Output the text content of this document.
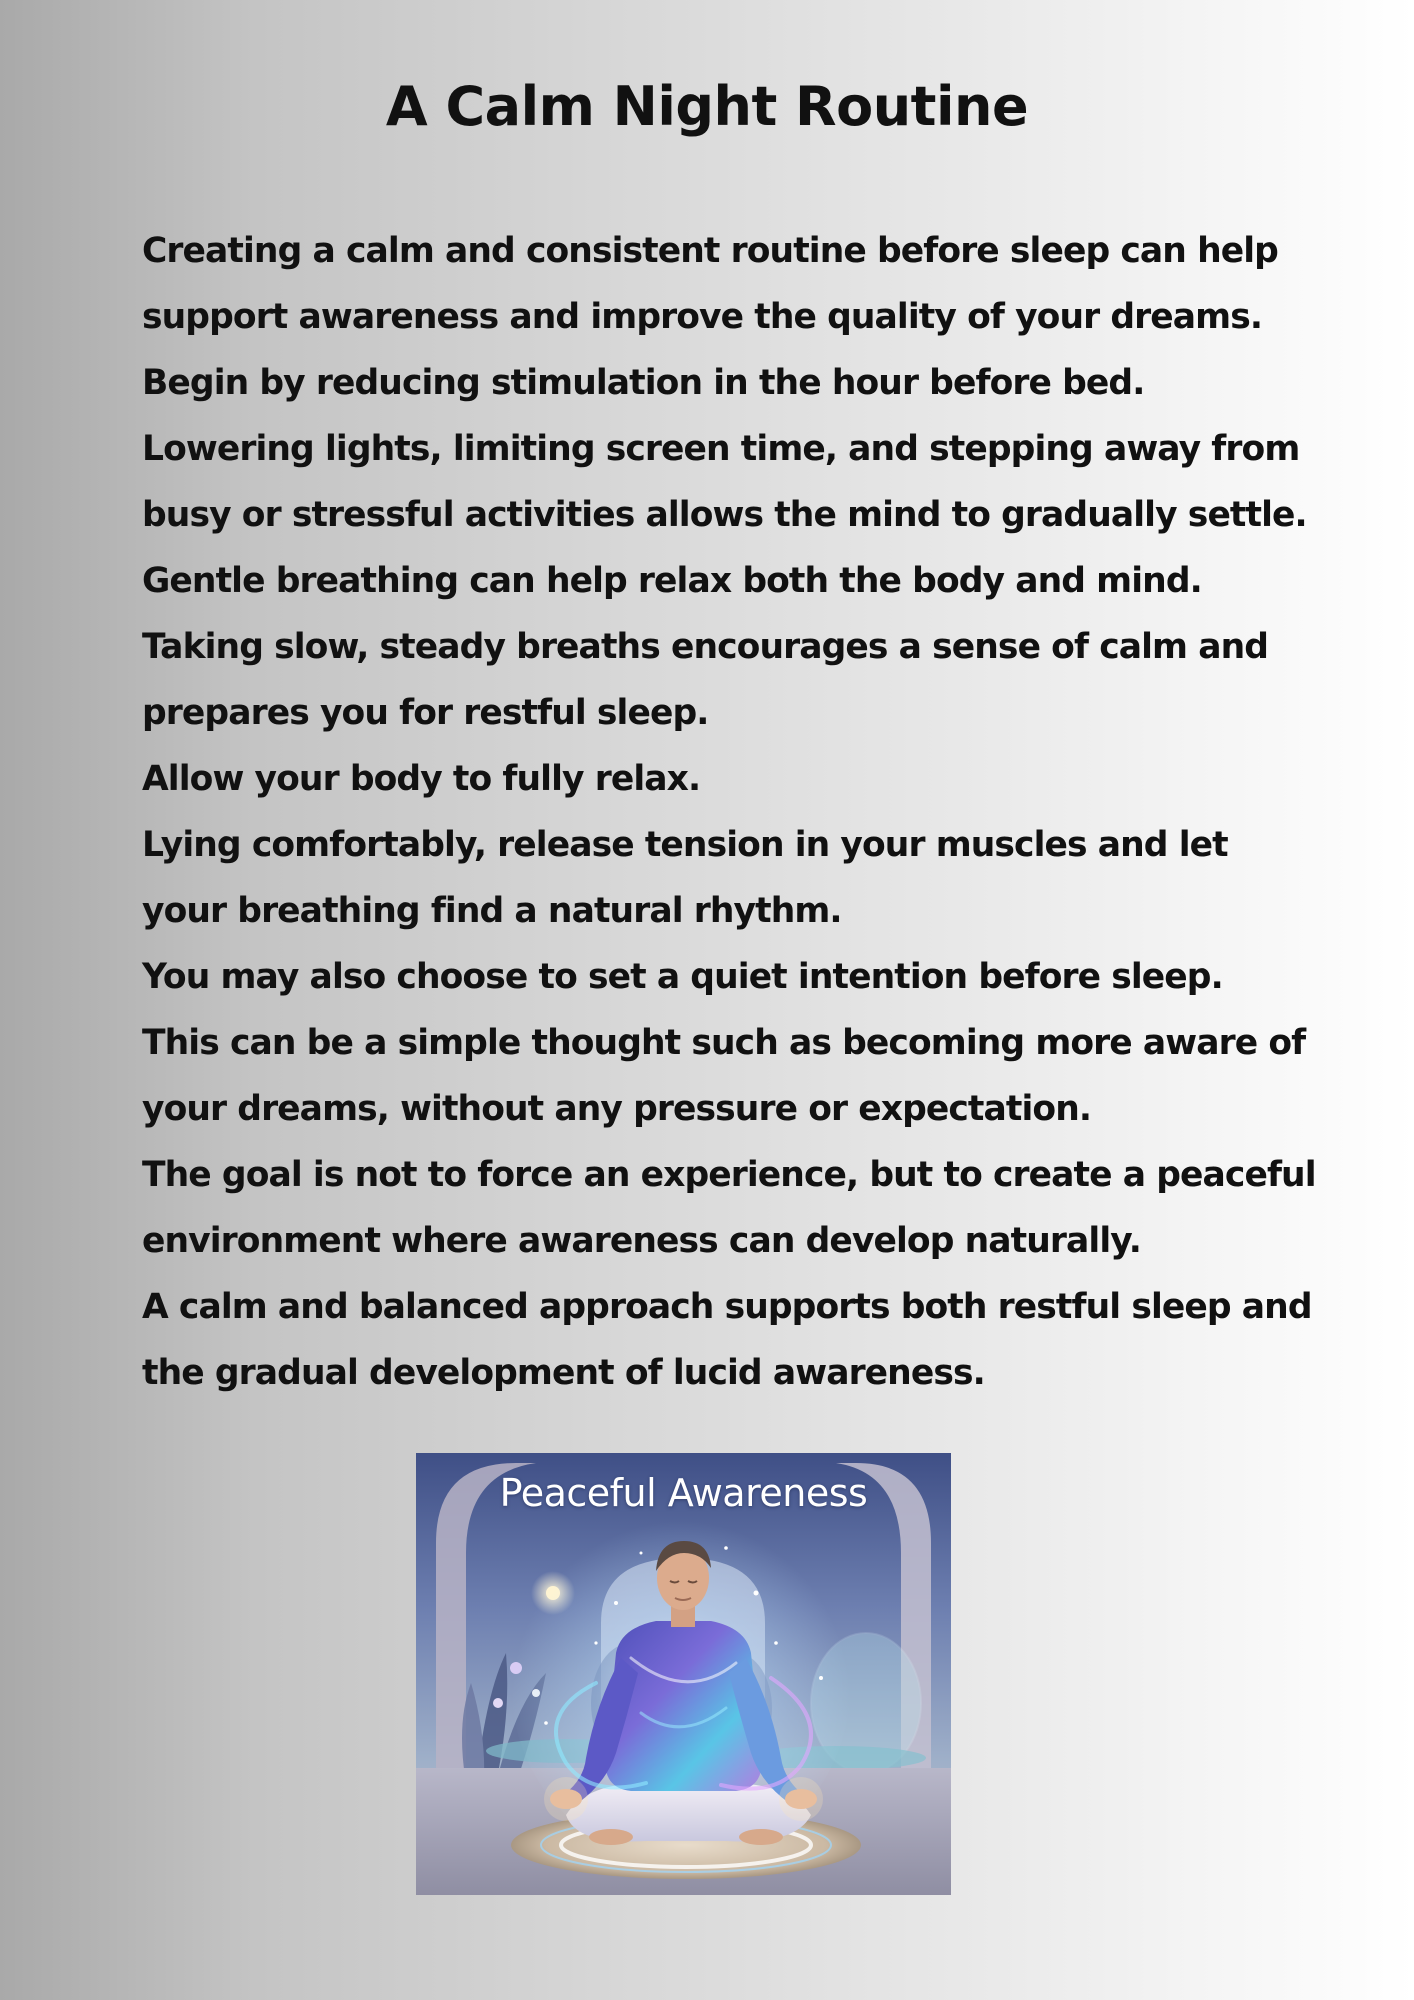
A Calm Night Routine
Creating a calm and consistent routine before sleep can help
support awareness and improve the quality of your dreams.
Begin by reducing stimulation in the hour before bed.
Lowering lights, limiting screen time, and stepping away from
busy or stressful activities allows the mind to gradually settle.
Gentle breathing can help relax both the body and mind.
Taking slow, steady breaths encourages a sense of calm and
prepares you for restful sleep.
Allow your body to fully relax.
Lying comfortably, release tension in your muscles and let
your breathing find a natural rhythm.
You may also choose to set a quiet intention before sleep.
This can be a simple thought such as becoming more aware of
your dreams, without any pressure or expectation.
The goal is not to force an experience, but to create a peaceful
environment where awareness can develop naturally.
A calm and balanced approach supports both restful sleep and
the gradual development of lucid awareness.
Peaceful Awareness
